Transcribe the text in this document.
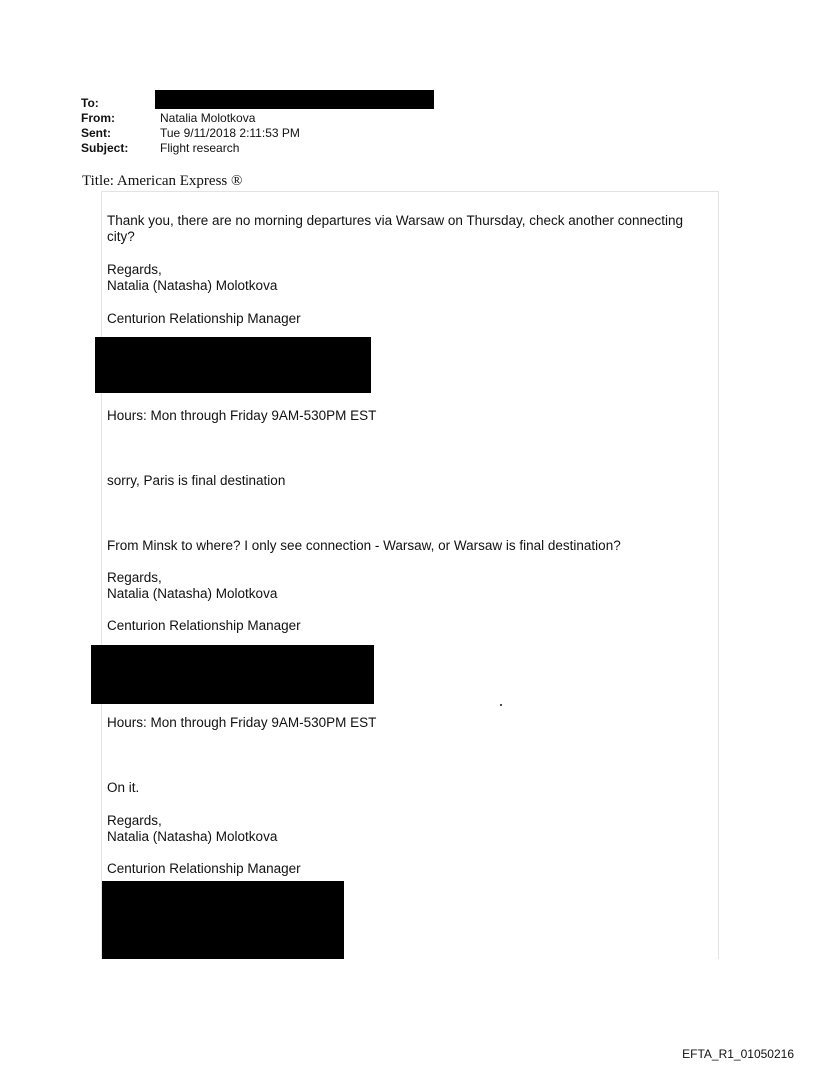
To:
From:	Natalia Molotkova
Sent:	Tue 9/11/2018 2:11:53 PM
Subject:	Flight research
Title: American Express ®
Thank you, there are no morning departures via Warsaw on Thursday, check another connecting city?
Regards,
Natalia (Natasha) Molotkova
Centurion Relationship Manager
Hours: Mon through Friday 9AM-530PM EST
sorry, Paris is final destination
From Minsk to where? I only see connection - Warsaw, or Warsaw is final destination?
Regards,
Natalia (Natasha) Molotkova
Centurion Relationship Manager
Hours: Mon through Friday 9AM-530PM EST
On it.
Regards,
Natalia (Natasha) Molotkova
Centurion Relationship Manager
EFTA_R1_01050216
